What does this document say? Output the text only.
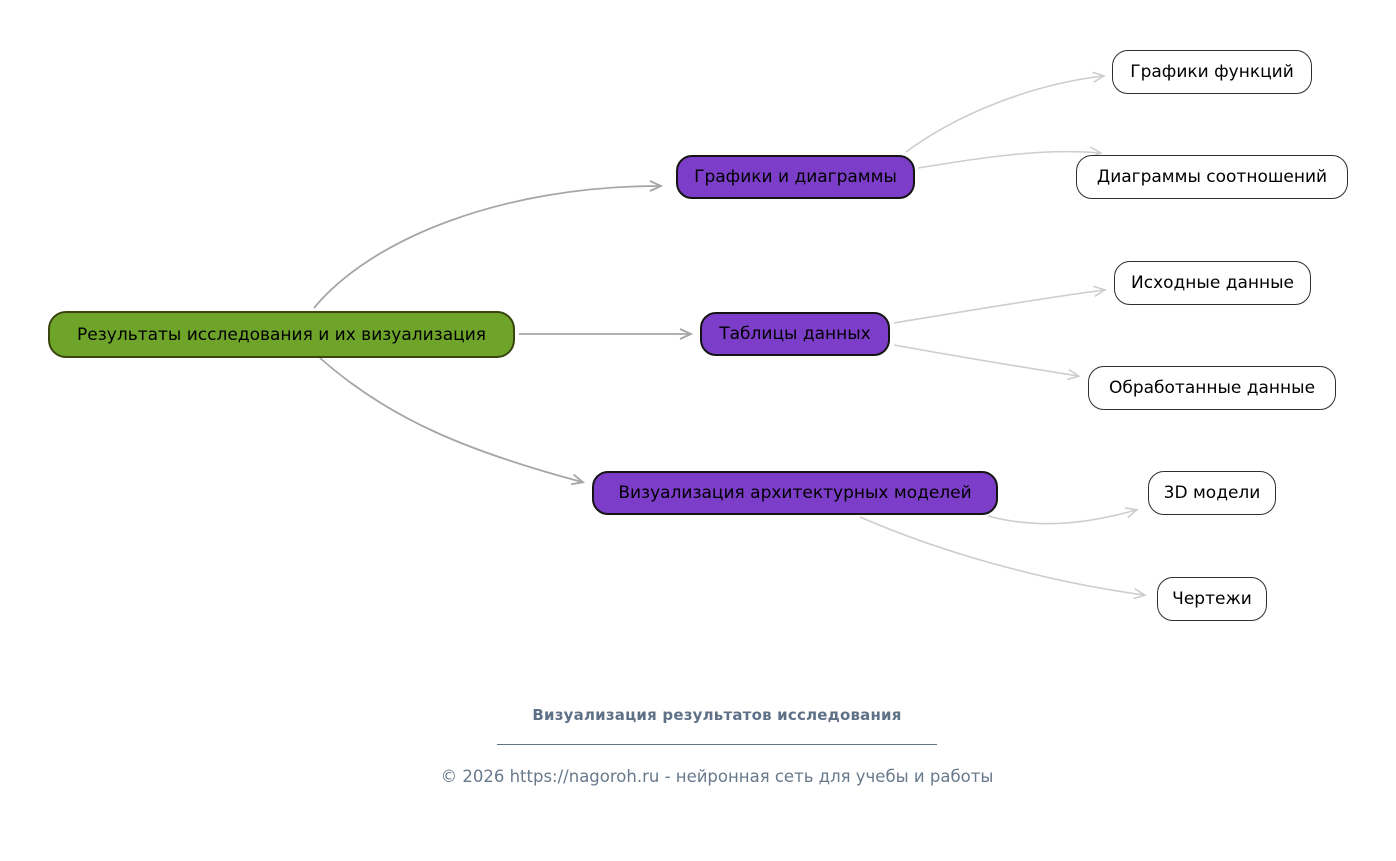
Результаты исследования и их визуализация
Графики и диаграммы
Таблицы данных
Визуализация архитектурных моделей
Графики функций
Диаграммы соотношений
Исходные данные
Обработанные данные
3D модели
Чертежи
Визуализация результатов исследования
© 2026 https://nagoroh.ru - нейронная сеть для учебы и работы
